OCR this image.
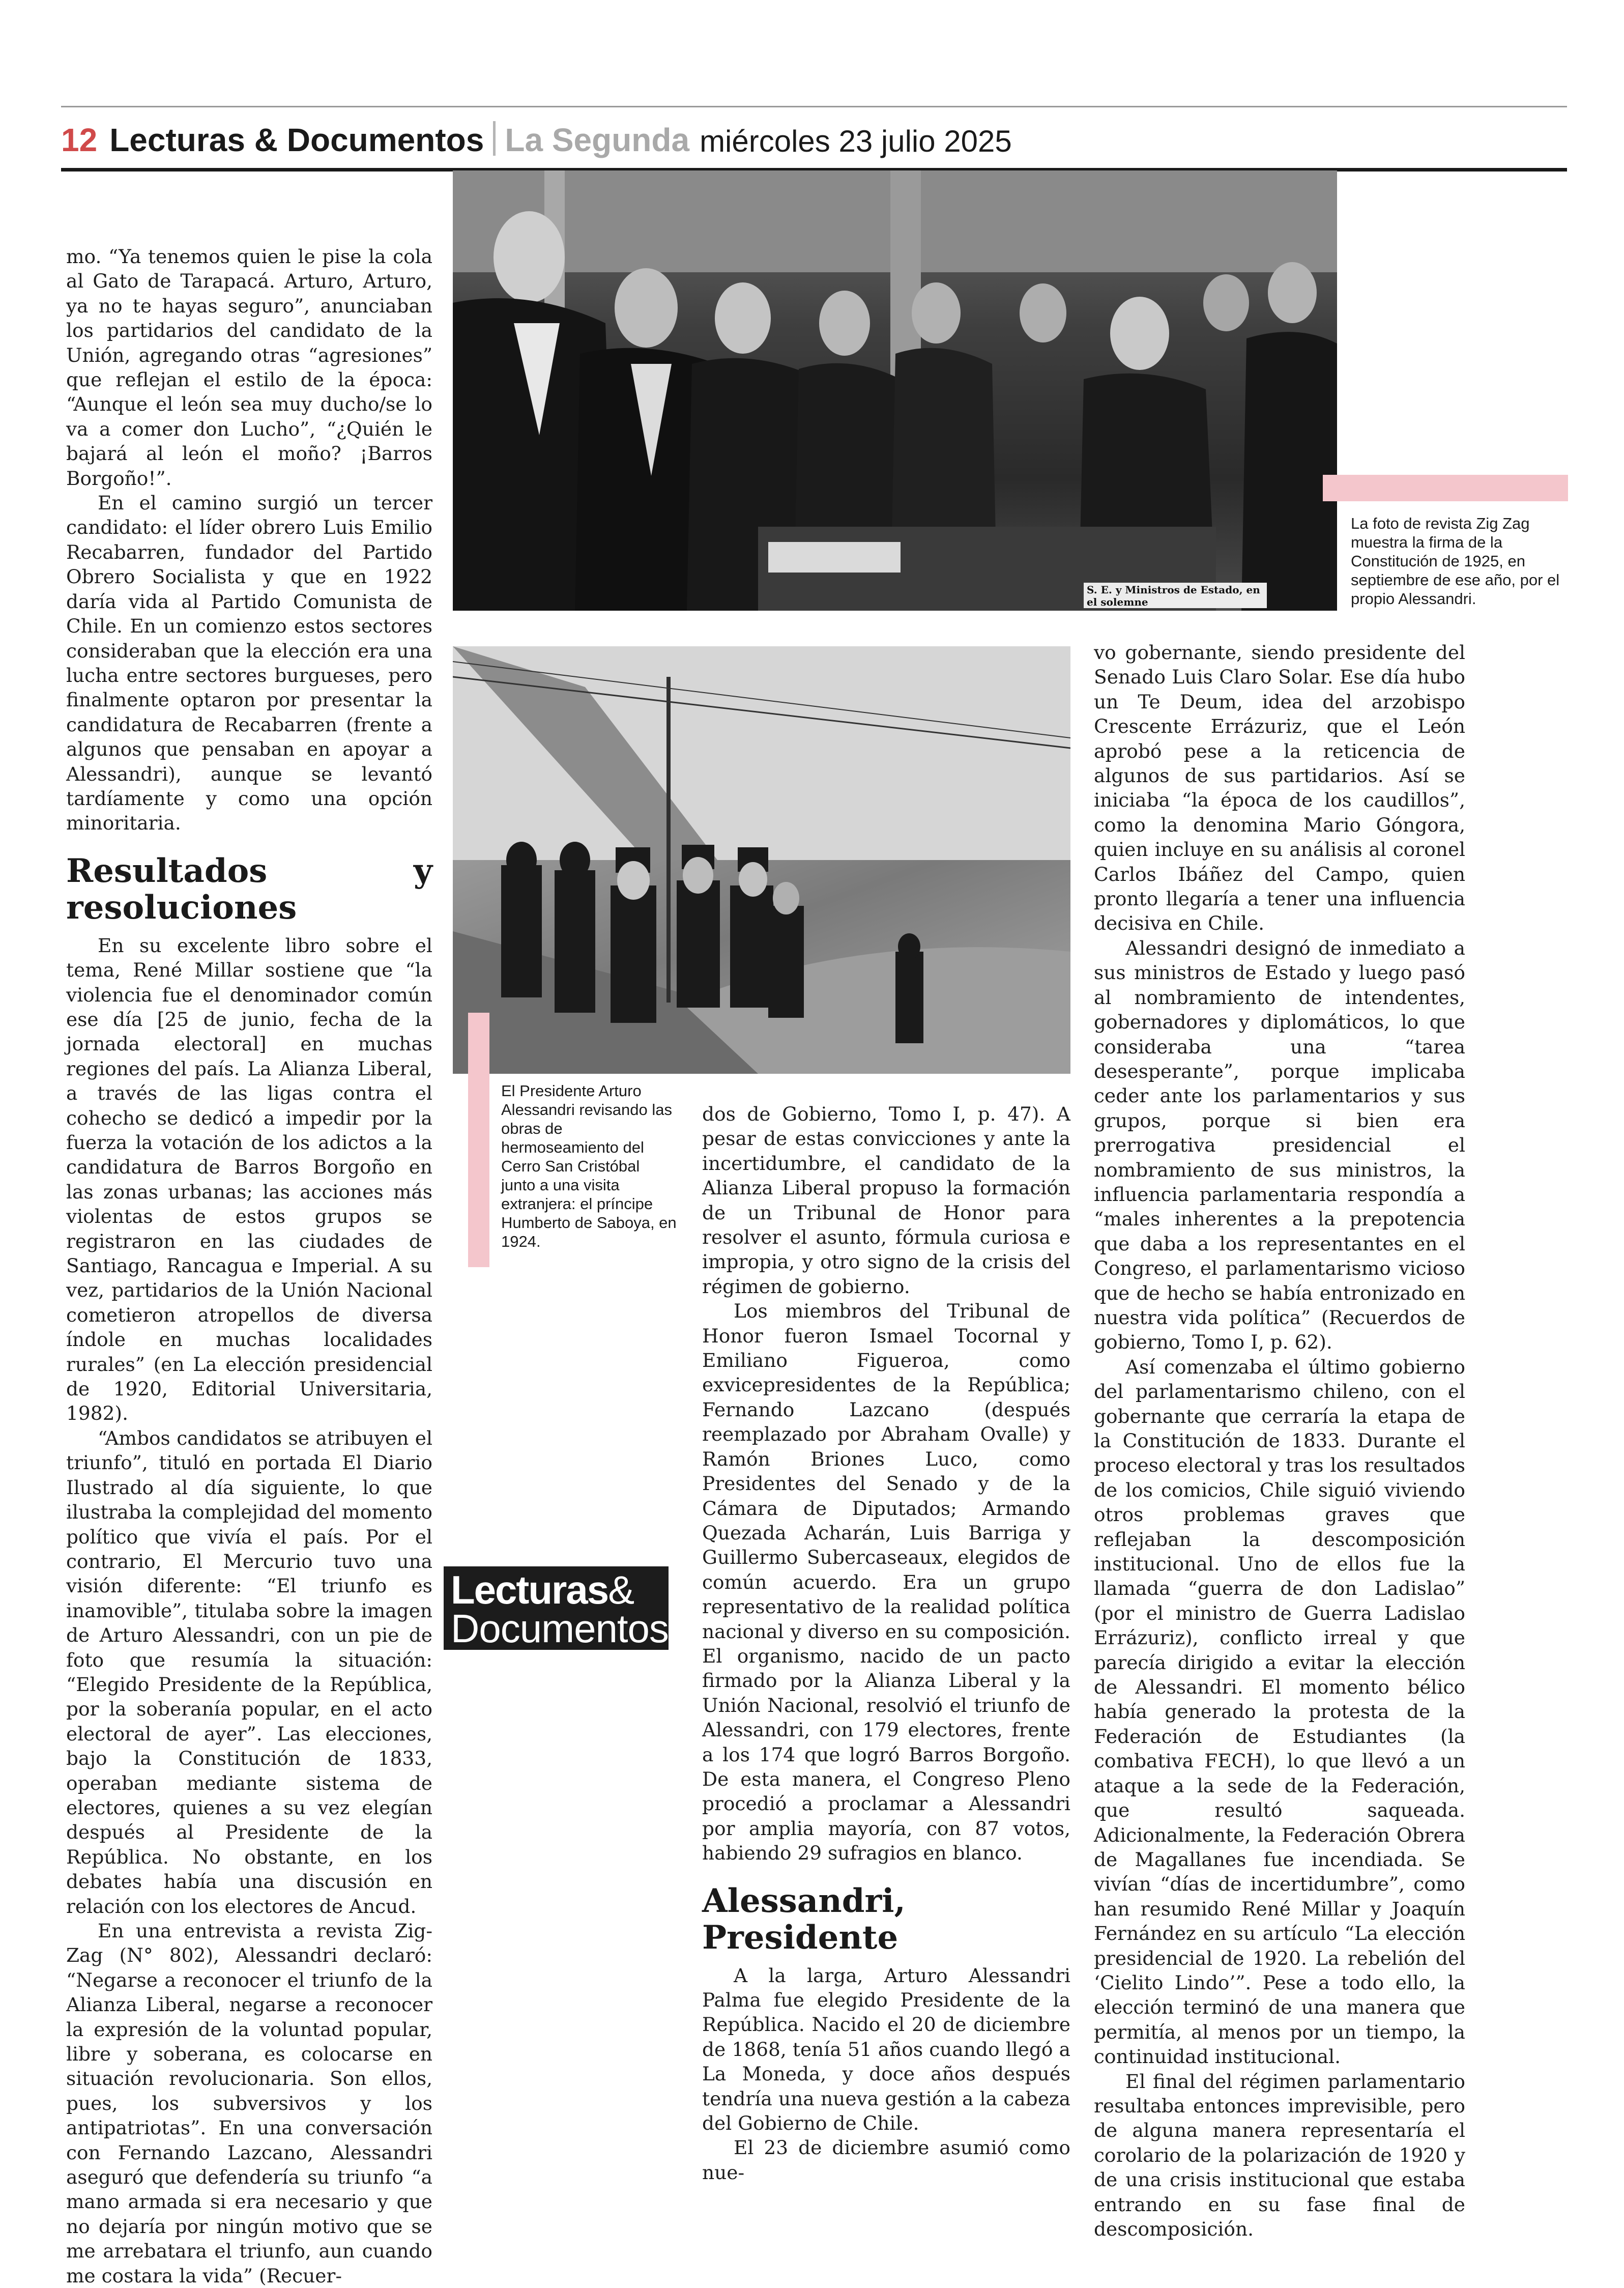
12 Lecturas & Documentos La Segunda miércoles 23 julio 2025
S. E. y Ministros de Estado, en el solemne
La foto de revista Zig Zag muestra la firma de la Constitución de 1925, en septiembre de ese año, por el propio Alessandri.
El Presidente Arturo Alessandri revisando las obras de hermoseamiento del Cerro San Cristóbal junto a una visita extranjera: el príncipe Humberto de Saboya, en 1924.
Lecturas&
Documentos

mo. “Ya tenemos quien le pise la cola al Gato de Tarapacá. Arturo, Arturo, ya no te hayas seguro”, anunciaban los partidarios del candidato de la Unión, agregando otras “agresiones” que reflejan el estilo de la época: “Aunque el león sea muy ducho/se lo va a comer don Lucho”, “¿Quién le bajará al león el moño? ¡Barros Borgoño!”.

En el camino surgió un tercer candidato: el líder obrero Luis Emilio Recabarren, fundador del Partido Obrero Socialista y que en 1922 daría vida al Partido Comunista de Chile. En un comienzo estos sectores consideraban que la elección era una lucha entre sectores burgueses, pero finalmente optaron por presentar la candidatura de Recabarren (frente a algunos que pensaban en apoyar a Alessandri), aunque se levantó tardíamente y como una opción minoritaria.

Resultados y resoluciones

En su excelente libro sobre el tema, René Millar sostiene que “la violencia fue el denominador común ese día [25 de junio, fecha de la jornada electoral] en muchas regiones del país. La Alianza Liberal, a través de las ligas contra el cohecho se dedicó a impedir por la fuerza la votación de los adictos a la candidatura de Barros Borgoño en las zonas urbanas; las acciones más violentas de estos grupos se registraron en las ciudades de Santiago, Rancagua e Imperial. A su vez, partidarios de la Unión Nacional cometieron atropellos de diversa índole en muchas localidades rurales” (en La elección presidencial de 1920, Editorial Universitaria, 1982).

“Ambos candidatos se atribuyen el triunfo”, tituló en portada El Diario Ilustrado al día siguiente, lo que ilustraba la complejidad del momento político que vivía el país. Por el contrario, El Mercurio tuvo una visión diferente: “El triunfo es inamovible”, titulaba sobre la imagen de Arturo Alessandri, con un pie de foto que resumía la situación: “Elegido Presidente de la República, por la soberanía popular, en el acto electoral de ayer”. Las elecciones, bajo la Constitución de 1833, operaban mediante sistema de electores, quienes a su vez elegían después al Presidente de la República. No obstante, en los debates había una discusión en relación con los electores de Ancud.

En una entrevista a revista Zig-Zag (N° 802), Alessandri declaró: “Negarse a reconocer el triunfo de la Alianza Liberal, negarse a reconocer la expresión de la voluntad popular, libre y soberana, es colocarse en situación revolucionaria. Son ellos, pues, los subversivos y los antipatriotas”. En una conversación con Fernando Lazcano, Alessandri aseguró que defendería su triunfo “a mano armada si era necesario y que no dejaría por ningún motivo que se me arrebatara el triunfo, aun cuando me costara la vida” (Recuer-

dos de Gobierno, Tomo I, p. 47). A pesar de estas convicciones y ante la incertidumbre, el candidato de la Alianza Liberal propuso la formación de un Tribunal de Honor para resolver el asunto, fórmula curiosa e impropia, y otro signo de la crisis del régimen de gobierno.

Los miembros del Tribunal de Honor fueron Ismael Tocornal y Emiliano Figueroa, como exvicepresidentes de la República; Fernando Lazcano (después reemplazado por Abraham Ovalle) y Ramón Briones Luco, como Presidentes del Senado y de la Cámara de Diputados; Armando Quezada Acharán, Luis Barriga y Guillermo Subercaseaux, elegidos de común acuerdo. Era un grupo representativo de la realidad política nacional y diverso en su composición. El organismo, nacido de un pacto firmado por la Alianza Liberal y la Unión Nacional, resolvió el triunfo de Alessandri, con 179 electores, frente a los 174 que logró Barros Borgoño. De esta manera, el Congreso Pleno procedió a proclamar a Alessandri por amplia mayoría, con 87 votos, habiendo 29 sufragios en blanco.

Alessandri, Presidente

A la larga, Arturo Alessandri Palma fue elegido Presidente de la República. Nacido el 20 de diciembre de 1868, tenía 51 años cuando llegó a La Moneda, y doce años después tendría una nueva gestión a la cabeza del Gobierno de Chile.

El 23 de diciembre asumió como nue-

vo gobernante, siendo presidente del Senado Luis Claro Solar. Ese día hubo un Te Deum, idea del arzobispo Crescente Errázuriz, que el León aprobó pese a la reticencia de algunos de sus partidarios. Así se iniciaba “la época de los caudillos”, como la denomina Mario Góngora, quien incluye en su análisis al coronel Carlos Ibáñez del Campo, quien pronto llegaría a tener una influencia decisiva en Chile.

Alessandri designó de inmediato a sus ministros de Estado y luego pasó al nombramiento de intendentes, gobernadores y diplomáticos, lo que consideraba una “tarea desesperante”, porque implicaba ceder ante los parlamentarios y sus grupos, porque si bien era prerrogativa presidencial el nombramiento de sus ministros, la influencia parlamentaria respondía a “males inherentes a la prepotencia que daba a los representantes en el Congreso, el parlamentarismo vicioso que de hecho se había entronizado en nuestra vida política” (Recuerdos de gobierno, Tomo I, p. 62).

Así comenzaba el último gobierno del parlamentarismo chileno, con el gobernante que cerraría la etapa de la Constitución de 1833. Durante el proceso electoral y tras los resultados de los comicios, Chile siguió viviendo otros problemas graves que reflejaban la descomposición institucional. Uno de ellos fue la llamada “guerra de don Ladislao” (por el ministro de Guerra Ladislao Errázuriz), conflicto irreal y que parecía dirigido a evitar la elección de Alessandri. El momento bélico había generado la protesta de la Federación de Estudiantes (la combativa FECH), lo que llevó a un ataque a la sede de la Federación, que resultó saqueada. Adicionalmente, la Federación Obrera de Magallanes fue incendiada. Se vivían “días de incertidumbre”, como han resumido René Millar y Joaquín Fernández en su artículo “La elección presidencial de 1920. La rebelión del ‘Cielito Lindo’”. Pese a todo ello, la elección terminó de una manera que permitía, al menos por un tiempo, la continuidad institucional.

El final del régimen parlamentario resultaba entonces imprevisible, pero de alguna manera representaría el corolario de la polarización de 1920 y de una crisis institucional que estaba entrando en su fase final de descomposición.
